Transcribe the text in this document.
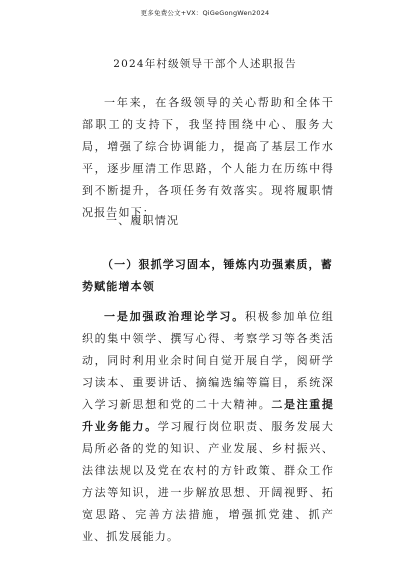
更多免费公文+VX：QiGeGongWen2024
2024年村级领导干部个人述职报告

一年来，在各级领导的关心帮助和全体干部职工的支持下，我坚持围绕中心、服务大局，增强了综合协调能力，提高了基层工作水平，逐步厘清工作思路，个人能力在历练中得到不断提升，各项任务有效落实。现将履职情况报告如下：

一、履职情况

（一）狠抓学习固本，锤炼内功强素质，蓄势赋能增本领

一是加强政治理论学习。积极参加单位组织的集中领学、撰写心得、考察学习等各类活动，同时利用业余时间自觉开展自学，阅研学习读本、重要讲话、摘编选编等篇目，系统深入学习新思想和党的二十大精神。二是注重提升业务能力。学习履行岗位职责、服务发展大局所必备的党的知识、产业发展、乡村振兴、法律法规以及党在农村的方针政策、群众工作方法等知识，进一步解放思想、开阔视野、拓宽思路、完善方法措施，增强抓党建、抓产业、抓发展能力。
